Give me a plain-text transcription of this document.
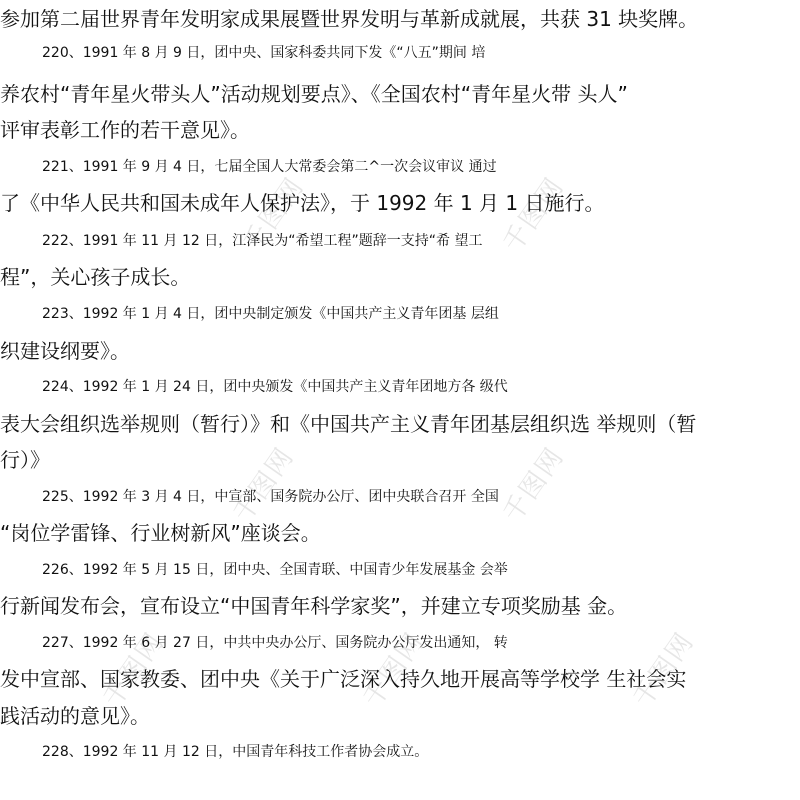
千图网	千图网
千图网	千图网
千图网	千图网	千图网
参加第二届世界青年发明家成果展暨世界发明与革新成就展，共获 31 块奖牌。
220、1991 年 8 月 9 日，团中央、国家科委共同下发《“八五”期间 培
养农村“青年星火带头人”活动规划要点》、《全国农村“青年星火带 头人”
评审表彰工作的若干意见》。
221、1991 年 9 月 4 日，七届全国人大常委会第二^一次会议审议 通过
了《中华人民共和国未成年人保护法》，于 1992 年 1 月 1 日施行。
222、1991 年 11 月 12 日，江泽民为“希望工程”题辞一支持“希 望工
程”，关心孩子成长。
223、1992 年 1 月 4 日，团中央制定颁发《中国共产主义青年团基 层组
织建设纲要》。
224、1992 年 1 月 24 日，团中央颁发《中国共产主义青年团地方各 级代
表大会组织选举规则（暂行）》和《中国共产主义青年团基层组织选 举规则（暂
行）》
225、1992 年 3 月 4 日，中宣部、国务院办公厅、团中央联合召开 全国
“岗位学雷锋、行业树新风”座谈会。
226、1992 年 5 月 15 日，团中央、全国青联、中国青少年发展基金 会举
行新闻发布会，宣布设立“中国青年科学家奖”，并建立专项奖励基 金。
227、1992 年 6 月 27 日，中共中央办公厅、国务院办公厅发出通知， 转
发中宣部、国家教委、团中央《关于广泛深入持久地开展高等学校学 生社会实
践活动的意见》。
228、1992 年 11 月 12 日，中国青年科技工作者协会成立。
